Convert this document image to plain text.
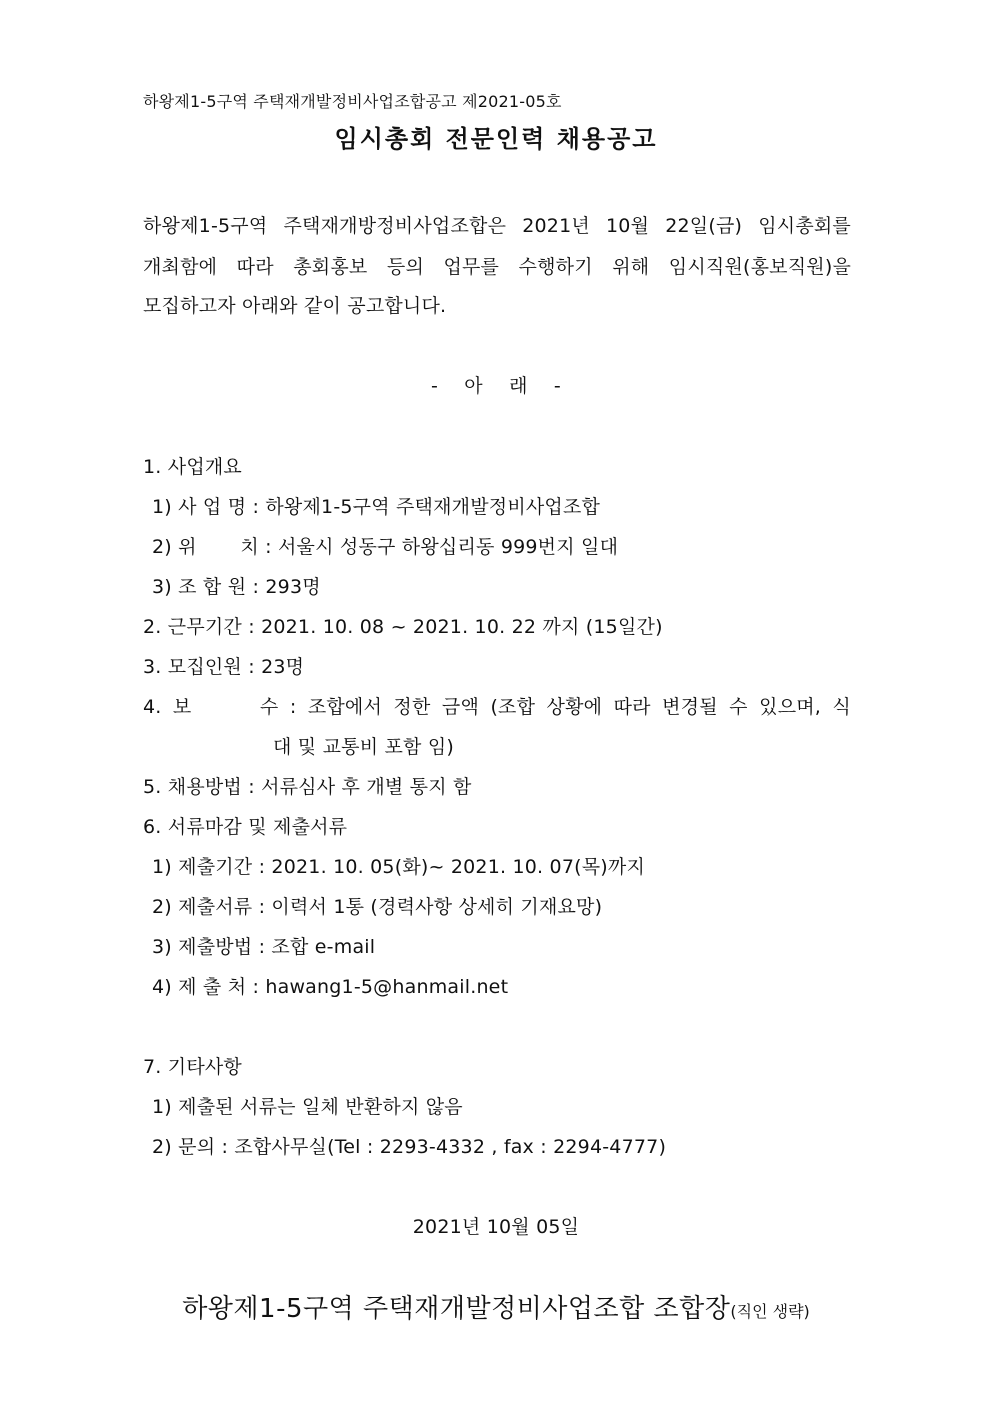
하왕제1-5구역 주택재개발정비사업조합공고 제2021-05호
임시총회 전문인력 채용공고
하왕제1-5구역 주택재개방정비사업조합은 2021년 10월 22일(금) 임시총회를
개최함에 따라 총회홍보 등의 업무를 수행하기 위해 임시직원(홍보직원)을
모집하고자 아래와 같이 공고합니다.
- 아 래 -
1. 사업개요
1) 사 업 명 : 하왕제1-5구역 주택재개발정비사업조합
2) 위       치 : 서울시 성동구 하왕십리동 999번지 일대
3) 조 합 원 : 293명
2. 근무기간 : 2021. 10. 08 ~ 2021. 10. 22 까지 (15일간)
3. 모집인원 : 23명
4. 보      수 : 조합에서 정한 금액 (조합 상황에 따라 변경될 수 있으며, 식
대 및 교통비 포함 임)
5. 채용방법 : 서류심사 후 개별 통지 함
6. 서류마감 및 제출서류
1) 제출기간 : 2021. 10. 05(화)~ 2021. 10. 07(목)까지
2) 제출서류 : 이력서 1통 (경력사항 상세히 기재요망)
3) 제출방법 : 조합 e-mail
4) 제 출 처 : hawang1-5@hanmail.net
7. 기타사항
1) 제출된 서류는 일체 반환하지 않음
2) 문의 : 조합사무실(Tel : 2293-4332 , fax : 2294-4777)
2021년 10월 05일
하왕제1-5구역 주택재개발정비사업조합 조합장(직인 생략)
